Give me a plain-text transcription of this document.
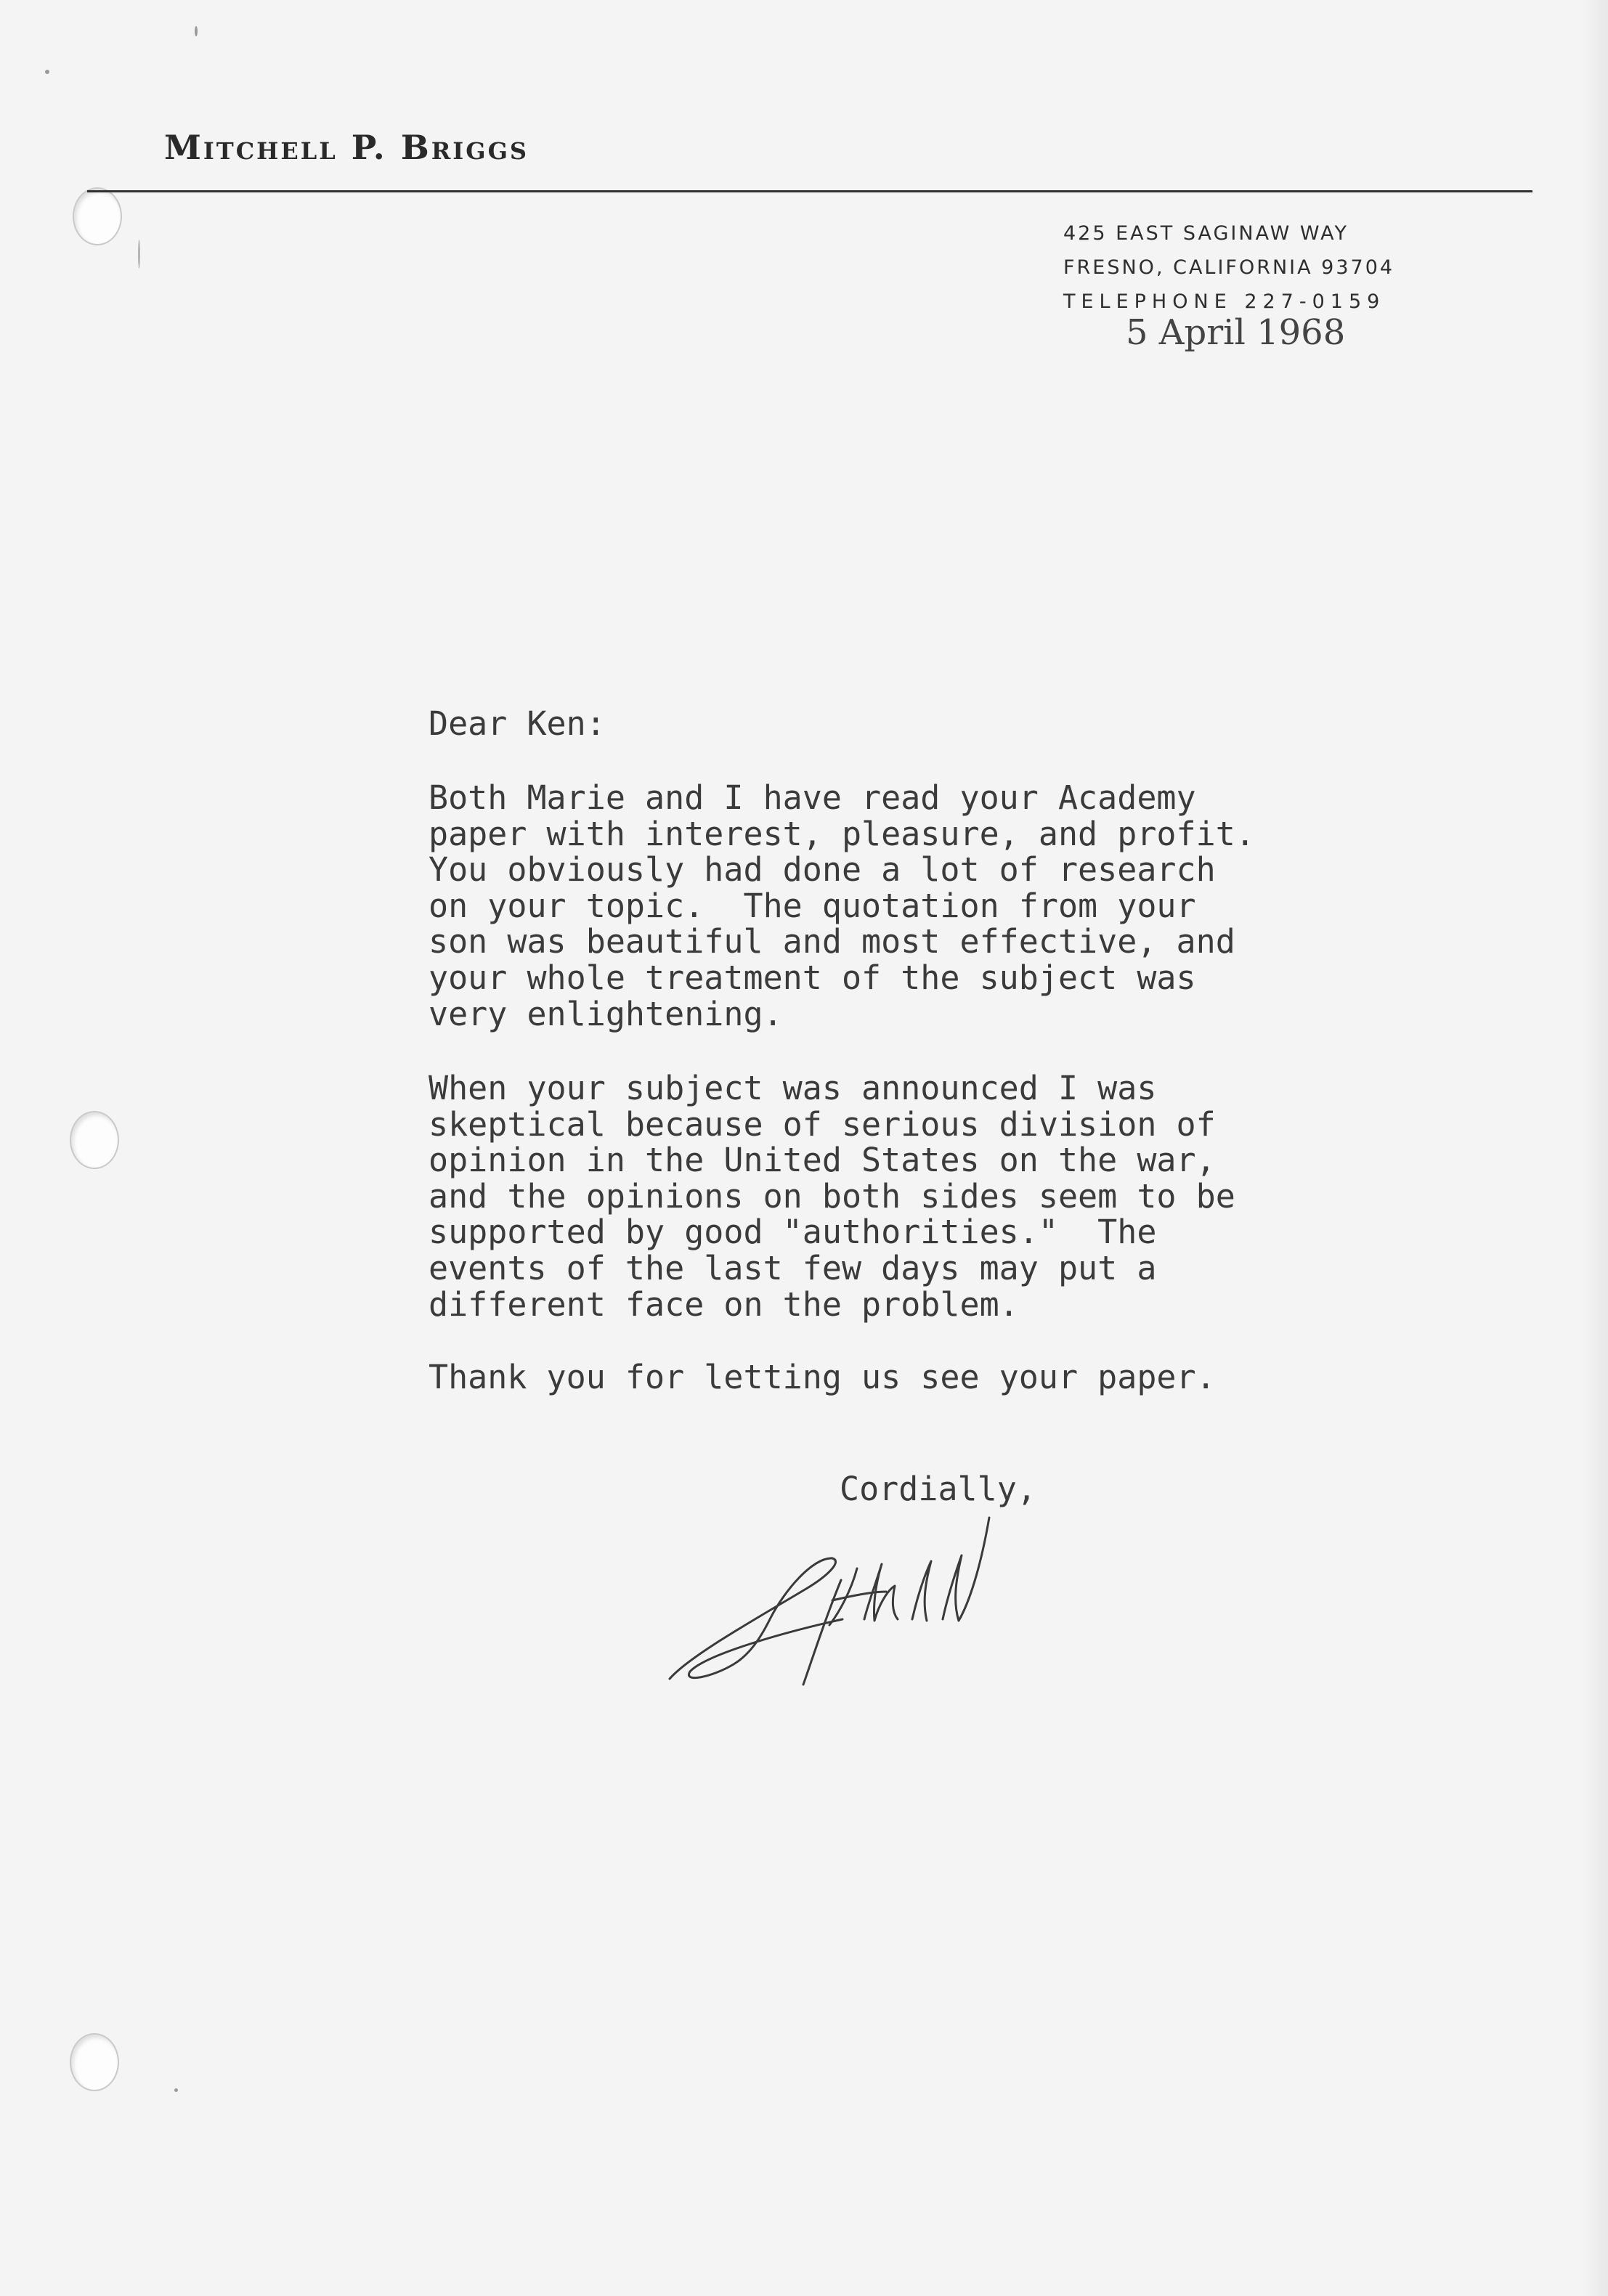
Mitchell P. Briggs
425 EAST SAGINAW WAY
FRESNO, CALIFORNIA 93704
TELEPHONE 227-0159
5 April 1968
Dear Ken:
Both Marie and I have read your Academy
paper with interest, pleasure, and profit.
You obviously had done a lot of research
on your topic.  The quotation from your
son was beautiful and most effective, and
your whole treatment of the subject was
very enlightening.
When your subject was announced I was
skeptical because of serious division of
opinion in the United States on the war,
and the opinions on both sides seem to be
supported by good "authorities."  The
events of the last few days may put a
different face on the problem.
Thank you for letting us see your paper.
Cordially,
